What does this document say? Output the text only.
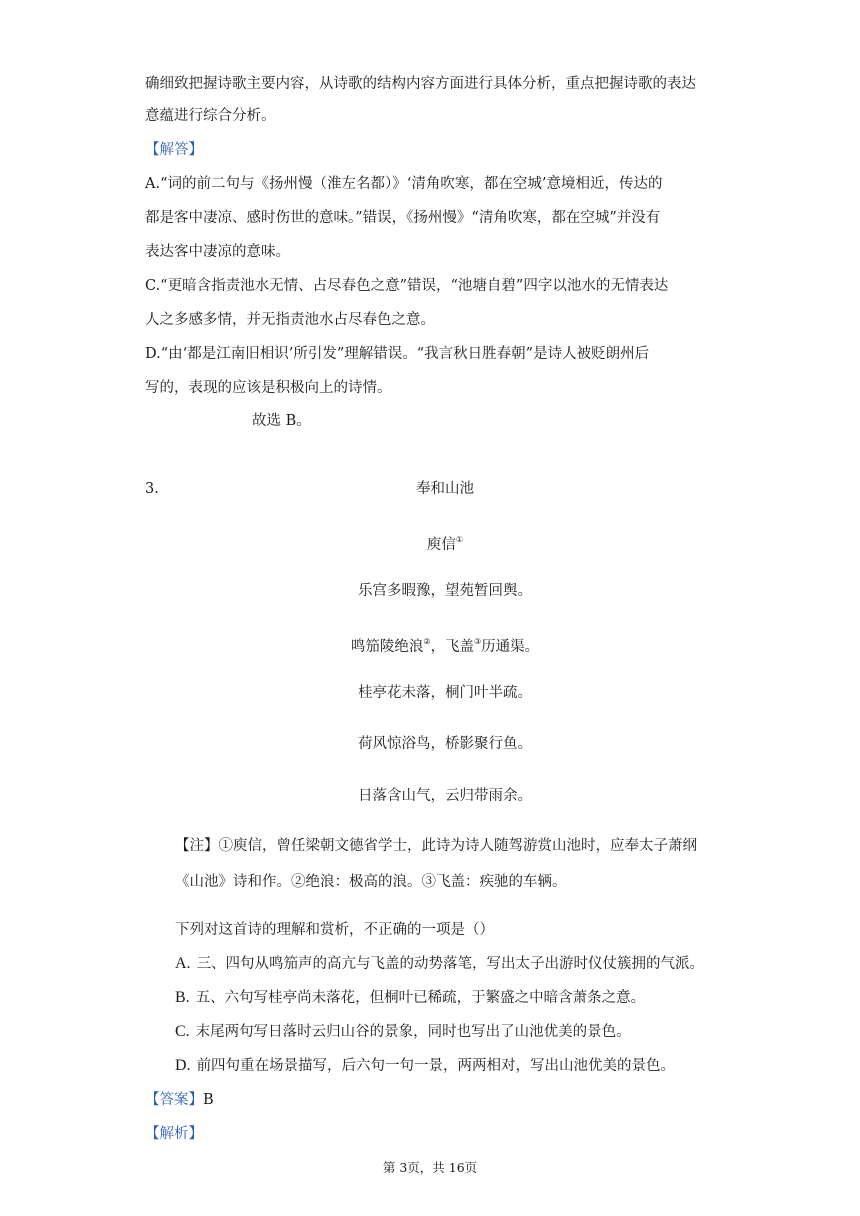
确细致把握诗歌主要内容，从诗歌的结构内容方面进行具体分析，重点把握诗歌的表达
意蕴进行综合分析。
【解答】
A.“词的前二句与《扬州慢（淮左名都）》‘清角吹寒，都在空城’意境相近，传达的
都是客中凄凉、感时伤世的意味。”错误，《扬州慢》“清角吹寒，都在空城”并没有
表达客中凄凉的意味。
C.“更暗含指责池水无情、占尽春色之意”错误，“池塘自碧”四字以池水的无情表达
人之多感多情，并无指责池水占尽春色之意。
D.“由‘都是江南旧相识’所引发”理解错误。“我言秋日胜春朝”是诗人被贬朗州后
写的，表现的应该是积极向上的诗情。
故选 B。
3.	奉和山池
庾信①
乐宫多暇豫，望苑暂回舆。
鸣笳陵绝浪②，飞盖③历通渠。
桂亭花未落，桐门叶半疏。
荷风惊浴鸟，桥影聚行鱼。
日落含山气，云归带雨余。
【注】①庾信，曾任梁朝文德省学士，此诗为诗人随驾游赏山池时，应奉太子萧纲
《山池》诗和作。②绝浪：极高的浪。③飞盖：疾驰的车辆。
下列对这首诗的理解和赏析，不正确的一项是（）
A. 三、四句从鸣笳声的高亢与飞盖的动势落笔，写出太子出游时仪仗簇拥的气派。
B. 五、六句写桂亭尚未落花，但桐叶已稀疏，于繁盛之中暗含萧条之意。
C. 末尾两句写日落时云归山谷的景象，同时也写出了山池优美的景色。
D. 前四句重在场景描写，后六句一句一景，两两相对，写出山池优美的景色。
【答案】B
【解析】
第 3页，共 16页
